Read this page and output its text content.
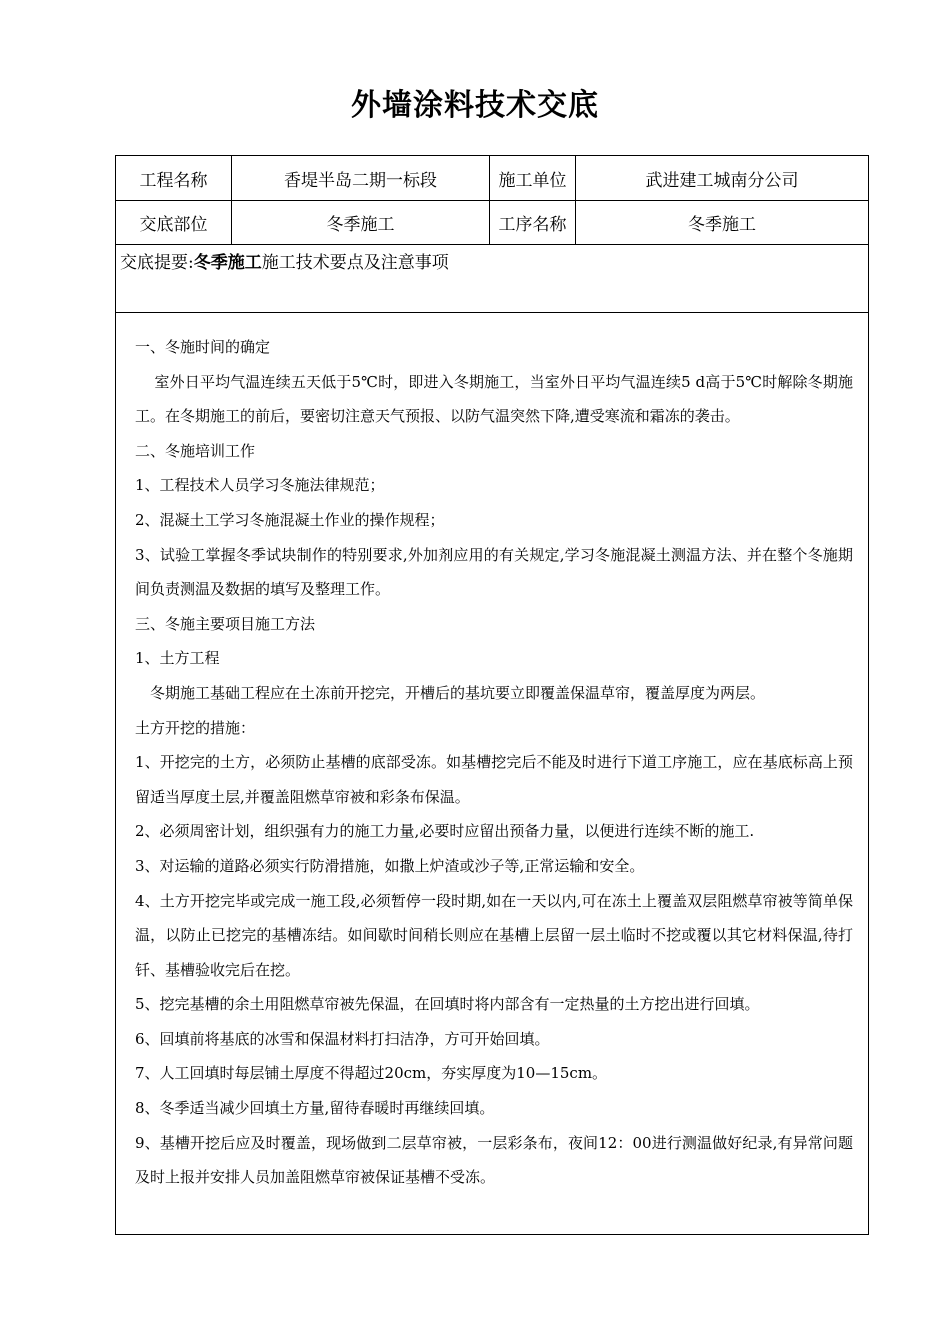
外墙涂料技术交底
工程名称	香堤半岛二期一标段	施工单位	武进建工城南分公司
交底部位	冬季施工	工序名称	冬季施工
交底提要:冬季施工施工技术要点及注意事项

一、冬施时间的确定

室外日平均气温连续五天低于5℃时，即进入冬期施工，当室外日平均气温连续5 d高于5℃时解除冬期施工。在冬期施工的前后，要密切注意天气预报、以防气温突然下降,遭受寒流和霜冻的袭击。

二、冬施培训工作

1、工程技术人员学习冬施法律规范；

2、混凝土工学习冬施混凝土作业的操作规程；

3、试验工掌握冬季试块制作的特别要求,外加剂应用的有关规定,学习冬施混凝土测温方法、并在整个冬施期间负责测温及数据的填写及整理工作。

三、冬施主要项目施工方法

1、土方工程

冬期施工基础工程应在土冻前开挖完，开槽后的基坑要立即覆盖保温草帘，覆盖厚度为两层。

土方开挖的措施：

1、开挖完的土方，必须防止基槽的底部受冻。如基槽挖完后不能及时进行下道工序施工，应在基底标高上预留适当厚度土层,并覆盖阻燃草帘被和彩条布保温。

2、必须周密计划，组织强有力的施工力量,必要时应留出预备力量，以便进行连续不断的施工.

3、对运输的道路必须实行防滑措施，如撒上炉渣或沙子等,正常运输和安全。

4、土方开挖完毕或完成一施工段,必须暂停一段时期,如在一天以内,可在冻土上覆盖双层阻燃草帘被等简单保温，以防止已挖完的基槽冻结。如间歇时间稍长则应在基槽上层留一层土临时不挖或覆以其它材料保温,待打钎、基槽验收完后在挖。

5、挖完基槽的余土用阻燃草帘被先保温，在回填时将内部含有一定热量的土方挖出进行回填。

6、回填前将基底的冰雪和保温材料打扫洁净，方可开始回填。

7、人工回填时每层铺土厚度不得超过20cm，夯实厚度为10—15cm。

8、冬季适当减少回填土方量,留待春暖时再继续回填。

9、基槽开挖后应及时覆盖，现场做到二层草帘被，一层彩条布，夜间12：00进行测温做好纪录,有异常问题及时上报并安排人员加盖阻燃草帘被保证基槽不受冻。
